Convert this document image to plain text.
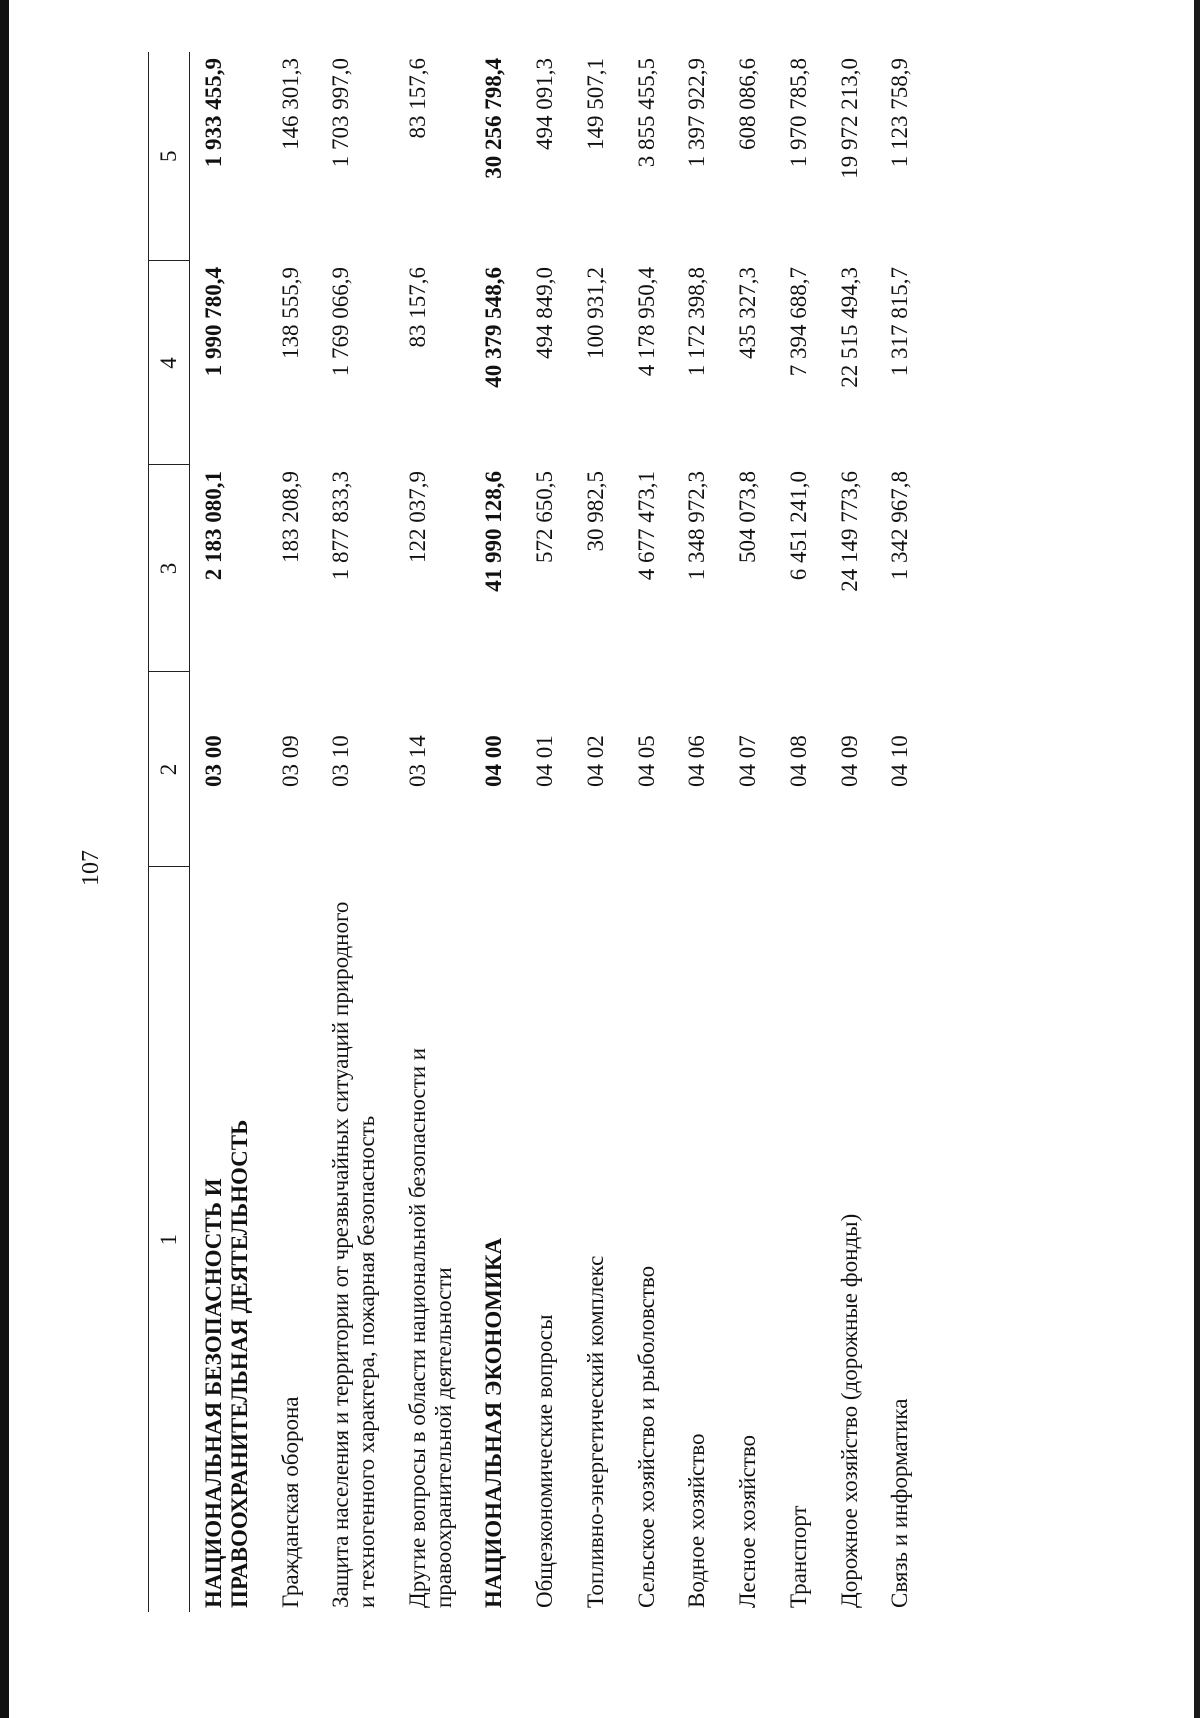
107
1	2	3	4	5
НАЦИОНАЛЬНАЯ БЕЗОПАСНОСТЬ И ПРАВООХРАНИТЕЛЬНАЯ ДЕЯТЕЛЬНОСТЬ	03 00	2 183 080,1	1 990 780,4	1 933 455,9
Гражданская оборона	03 09	183 208,9	138 555,9	146 301,3
Защита населения и территории от чрезвычайных ситуаций природного и техногенного характера, пожарная безопасность	03 10	1 877 833,3	1 769 066,9	1 703 997,0
Другие вопросы в области национальной безопасности и правоохранительной деятельности	03 14	122 037,9	83 157,6	83 157,6
НАЦИОНАЛЬНАЯ ЭКОНОМИКА	04 00	41 990 128,6	40 379 548,6	30 256 798,4
Общеэкономические вопросы	04 01	572 650,5	494 849,0	494 091,3
Топливно-энергетический комплекс	04 02	30 982,5	100 931,2	149 507,1
Сельское хозяйство и рыболовство	04 05	4 677 473,1	4 178 950,4	3 855 455,5
Водное хозяйство	04 06	1 348 972,3	1 172 398,8	1 397 922,9
Лесное хозяйство	04 07	504 073,8	435 327,3	608 086,6
Транспорт	04 08	6 451 241,0	7 394 688,7	1 970 785,8
Дорожное хозяйство (дорожные фонды)	04 09	24 149 773,6	22 515 494,3	19 972 213,0
Связь и информатика	04 10	1 342 967,8	1 317 815,7	1 123 758,9
